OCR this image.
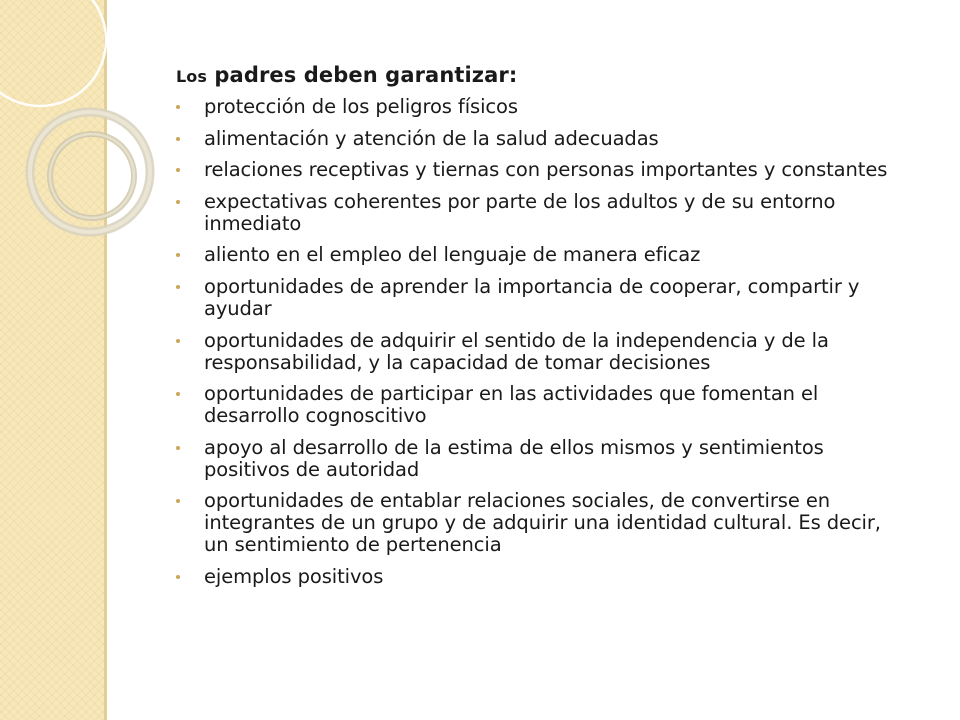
Los padres deben garantizar:
protección de los peligros físicos
alimentación y atención de la salud adecuadas
relaciones receptivas y tiernas con personas importantes y constantes
expectativas coherentes por parte de los adultos y de su entorno inmediato
aliento en el empleo del lenguaje de manera eficaz
oportunidades de aprender la importancia de cooperar, compartir y ayudar
oportunidades de adquirir el sentido de la independencia y de la responsabilidad, y la capacidad de tomar decisiones
oportunidades de participar en las actividades que fomentan el desarrollo cognoscitivo
apoyo al desarrollo de la estima de ellos mismos y sentimientos positivos de autoridad
oportunidades de entablar relaciones sociales, de convertirse en integrantes de un grupo y de adquirir una identidad cultural. Es decir, un sentimiento de pertenencia
ejemplos positivos
